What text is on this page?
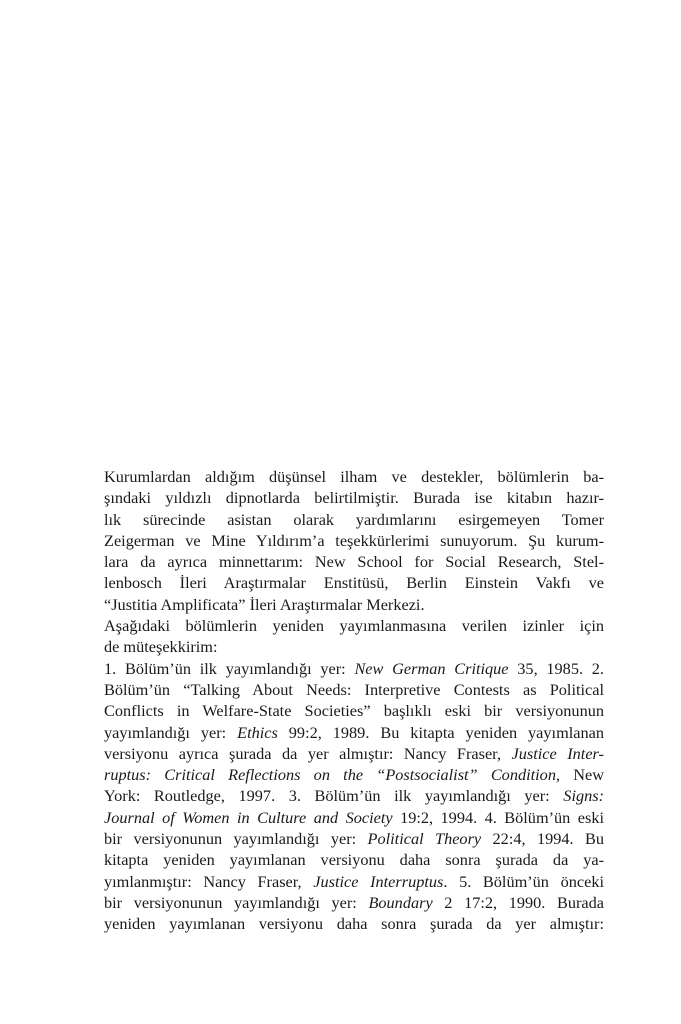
Kurumlardan aldığım düşünsel ilham ve destekler, bölümlerin ba-
şındaki yıldızlı dipnotlarda belirtilmiştir. Burada ise kitabın hazır-
lık sürecinde asistan olarak yardımlarını esirgemeyen Tomer
Zeigerman ve Mine Yıldırım’a teşekkürlerimi sunuyorum. Şu kurum-
lara da ayrıca minnettarım: New School for Social Research, Stel-
lenbosch İleri Araştırmalar Enstitüsü, Berlin Einstein Vakfı ve
“Justitia Amplificata” İleri Araştırmalar Merkezi.
Aşağıdaki bölümlerin yeniden yayımlanmasına verilen izinler için
de müteşekkirim:
1. Bölüm’ün ilk yayımlandığı yer: New German Critique 35, 1985. 2.
Bölüm’ün “Talking About Needs: Interpretive Contests as Political
Conflicts in Welfare-State Societies” başlıklı eski bir versiyonunun
yayımlandığı yer: Ethics 99:2, 1989. Bu kitapta yeniden yayımlanan
versiyonu ayrıca şurada da yer almıştır: Nancy Fraser, Justice Inter-
ruptus: Critical Reflections on the “Postsocialist” Condition, New
York: Routledge, 1997. 3. Bölüm’ün ilk yayımlandığı yer: Signs:
Journal of Women in Culture and Society 19:2, 1994. 4. Bölüm’ün eski
bir versiyonunun yayımlandığı yer: Political Theory 22:4, 1994. Bu
kitapta yeniden yayımlanan versiyonu daha sonra şurada da ya-
yımlanmıştır: Nancy Fraser, Justice Interruptus. 5. Bölüm’ün önceki
bir versiyonunun yayımlandığı yer: Boundary 2 17:2, 1990. Burada
yeniden yayımlanan versiyonu daha sonra şurada da yer almıştır:
